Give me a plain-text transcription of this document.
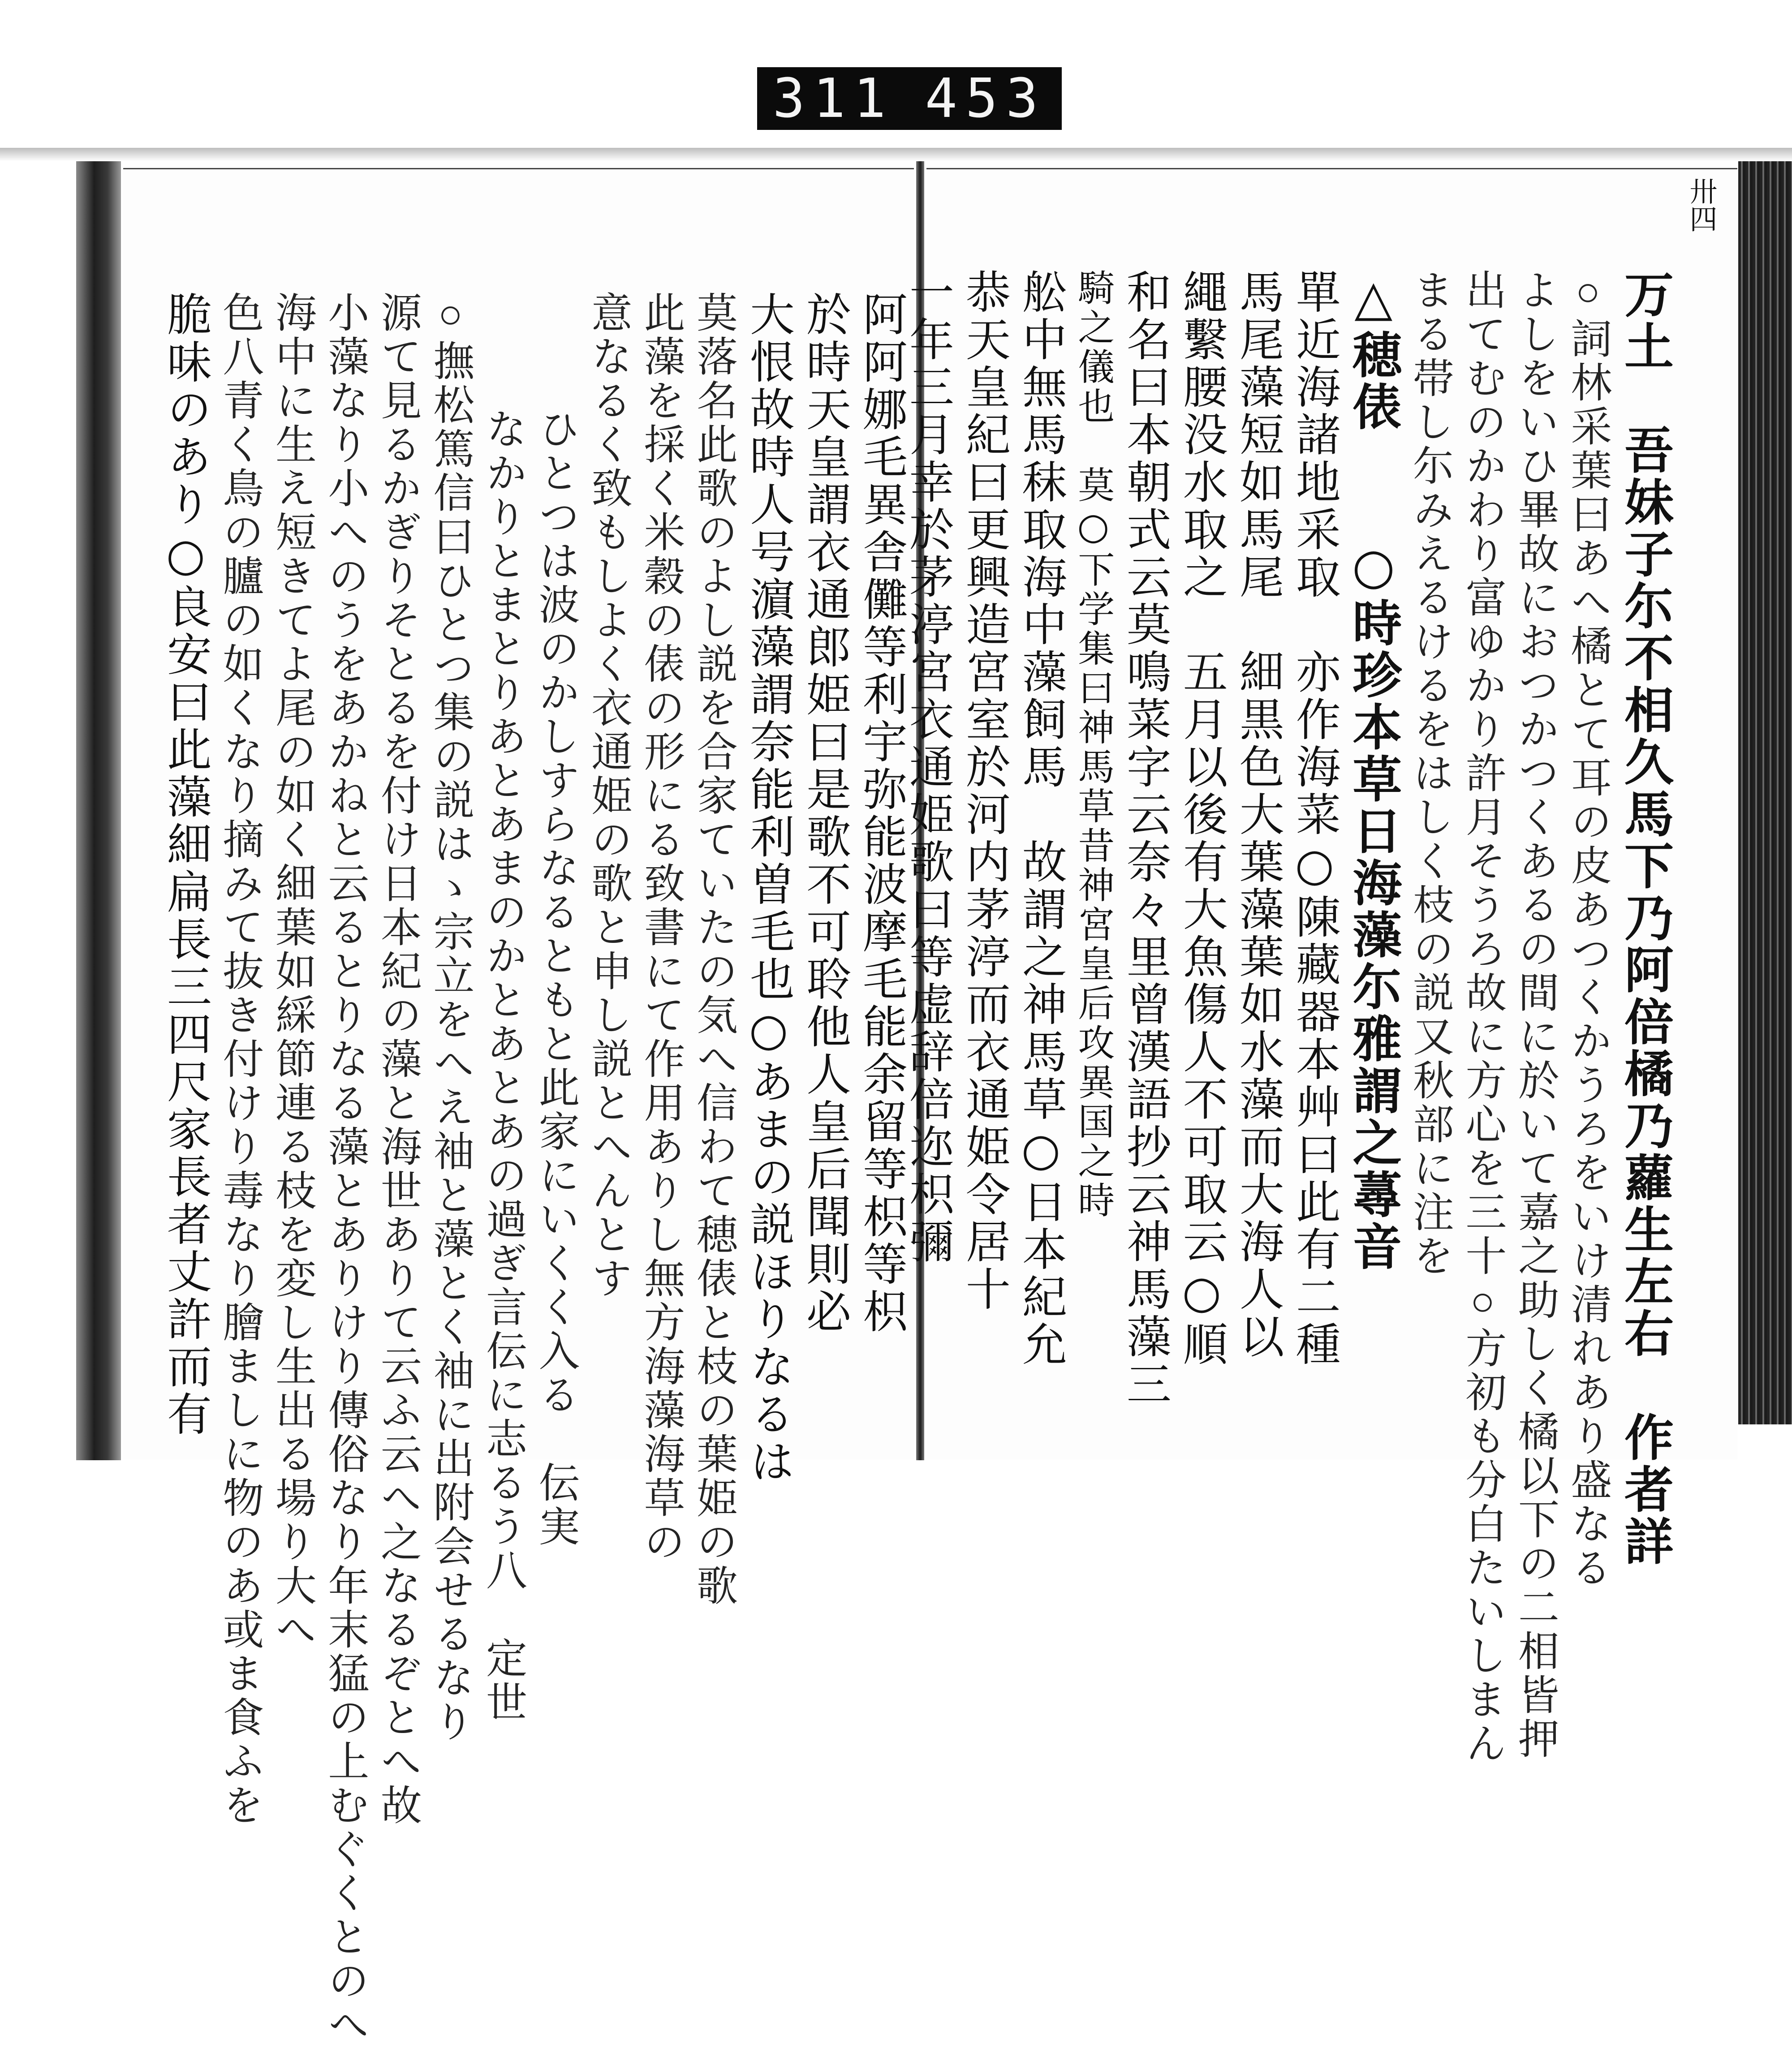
311 453
卅四
万土　吾妹子尓不相久馬下乃阿倍橘乃蘿生左右　作者詳
○詞林采葉曰あへ橘とて耳の皮あつくかうろをいけ清れあり盛なる
よしをいひ畢故におつかつくあるの間に於いて嘉之助しく橘以下の二相皆押
出てむのかわり富ゆかり許月そうろ故に方心を三十○方初も分白たいしまん
まる帯し尓みえるけるをはしく枝の説又秋部に注を
△穂俵　　○時珍本草日海藻尓雅謂之蕁音
單近海諸地采取　亦作海菜○陳藏器本艸曰此有二種
馬尾藻短如馬尾　細黒色大葉藻葉如水藻而大海人以
繩繫腰没水取之　五月以後有大魚傷人不可取云○順
和名曰本朝式云莫鳴菜字云奈々里曾漢語抄云神馬藻三
騎之儀也　莫○下学集曰神馬草昔神宮皇后攻異国之時
舩中無馬秣取海中藻飼馬　故謂之神馬草○日本紀允
恭天皇紀曰更興造宮室於河内茅渟而衣通姫令居十
一年三月幸於茅渟宮衣通姫歌曰等虚辞倍迩枳彌
阿阿娜毛異舎儺等利宇弥能波摩毛能余留等枳等枳
於時天皇謂衣通郎姫曰是歌不可聆他人皇后聞則必
大恨故時人号濵藻謂奈能利曽毛也○あまの説ほりなるは
莫落名此歌のよし説を合家ていたの気へ信わて穂俵と枝の葉姫の歌
此藻を採く米穀の俵の形にる致書にて作用ありし無方海藻海草の
意なるく致もしよく衣通姫の歌と申し説とへんとす
ひとつは波のかしすらなるともと此家にいくく入る　伝実
なかりとまとりあとあまのかとあとあの過ぎ言伝に志るう八　定世
○撫松篤信曰ひとつ集の説はゝ宗立をへえ袖と藻とく袖に出附会せるなり
源て見るかぎりそとるを付け日本紀の藻と海世ありて云ふ云へ之なるぞとへ故
小藻なり小へのうをあかねと云るとりなる藻とありけり傳俗なり年末猛の上むぐくとのへ
海中に生え短きてよ尾の如く細葉如綵節連る枝を変し生出る場り大へ
色八青く鳥の臚の如くなり摘みて抜き付けり毒なり膾ましに物のあ或ま食ふを
脆味のあり○良安曰此藻細扁長三四尺家長者丈許而有
